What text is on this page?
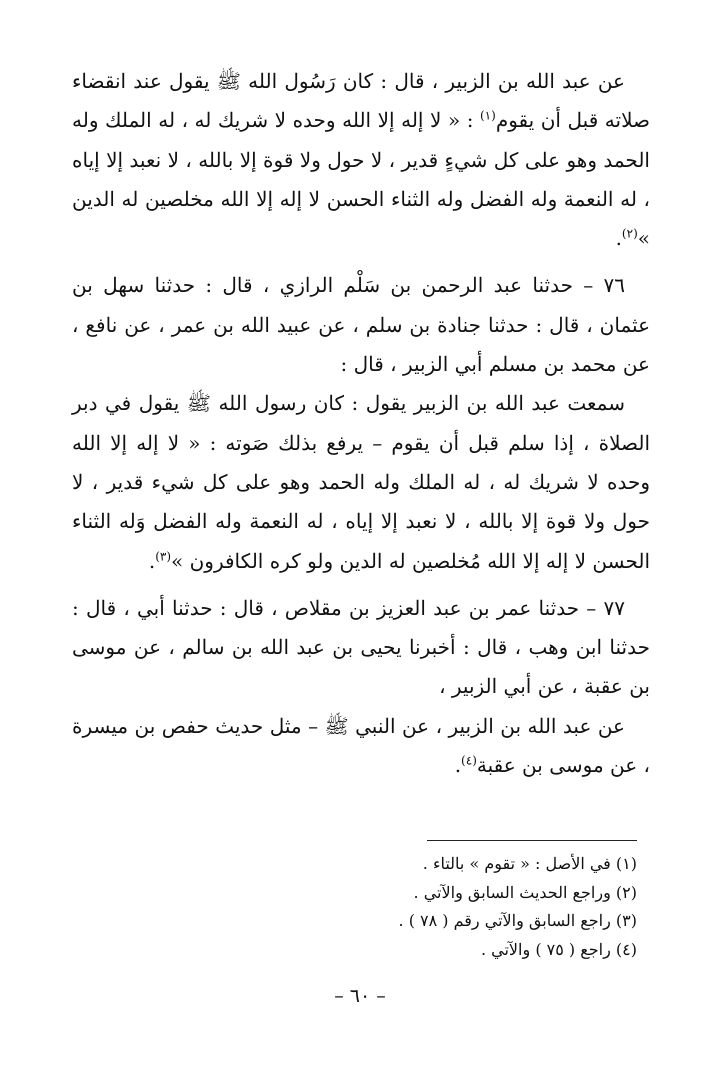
عن عبد الله بن الزبير ، قال : كان رَسُول الله ﷺ يقول عند انقضاء صلاته قبل أن يقوم$^{(١)}$ : « لا إله إلا الله وحده لا شريك له ، له الملك وله الحمد وهو على كل شيءٍ قدير ، لا حول ولا قوة إلا بالله ، لا نعبد إلا إياه ، له النعمة وله الفضل وله الثناء الحسن لا إله إلا الله مخلصين له الدين »$^{(٢)}$.

٧٦ – حدثنا عبد الرحمن بن سَلْم الرازي ، قال : حدثنا سهل بن عثمان ، قال : حدثنا جنادة بن سلم ، عن عبيد الله بن عمر ، عن نافع ، عن محمد بن مسلم أبي الزبير ، قال :

سمعت عبد الله بن الزبير يقول : كان رسول الله ﷺ يقول في دبر الصلاة ، إذا سلم قبل أن يقوم – يرفع بذلك صَوته : « لا إله إلا الله وحده لا شريك له ، له الملك وله الحمد وهو على كل شيء قدير ، لا حول ولا قوة إلا بالله ، لا نعبد إلا إياه ، له النعمة وله الفضل وَله الثناء الحسن لا إله إلا الله مُخلصين له الدين ولو كره الكافرون »$^{(٣)}$.

٧٧ – حدثنا عمر بن عبد العزيز بن مقلاص ، قال : حدثنا أبي ، قال : حدثنا ابن وهب ، قال : أخبرنا يحيى بن عبد الله بن سالم ، عن موسى بن عقبة ، عن أبي الزبير ،

عن عبد الله بن الزبير ، عن النبي ﷺ – مثل حديث حفص بن ميسرة ، عن موسى بن عقبة$^{(٤)}$.

(١) في الأصل : « تقوم » بالتاء .

(٢) وراجع الحديث السابق والآتي .

(٣) راجع السابق والآتي رقم ( ٧٨ ) .

(٤) راجع ( ٧٥ ) والآتي .

– ٦٠ –
